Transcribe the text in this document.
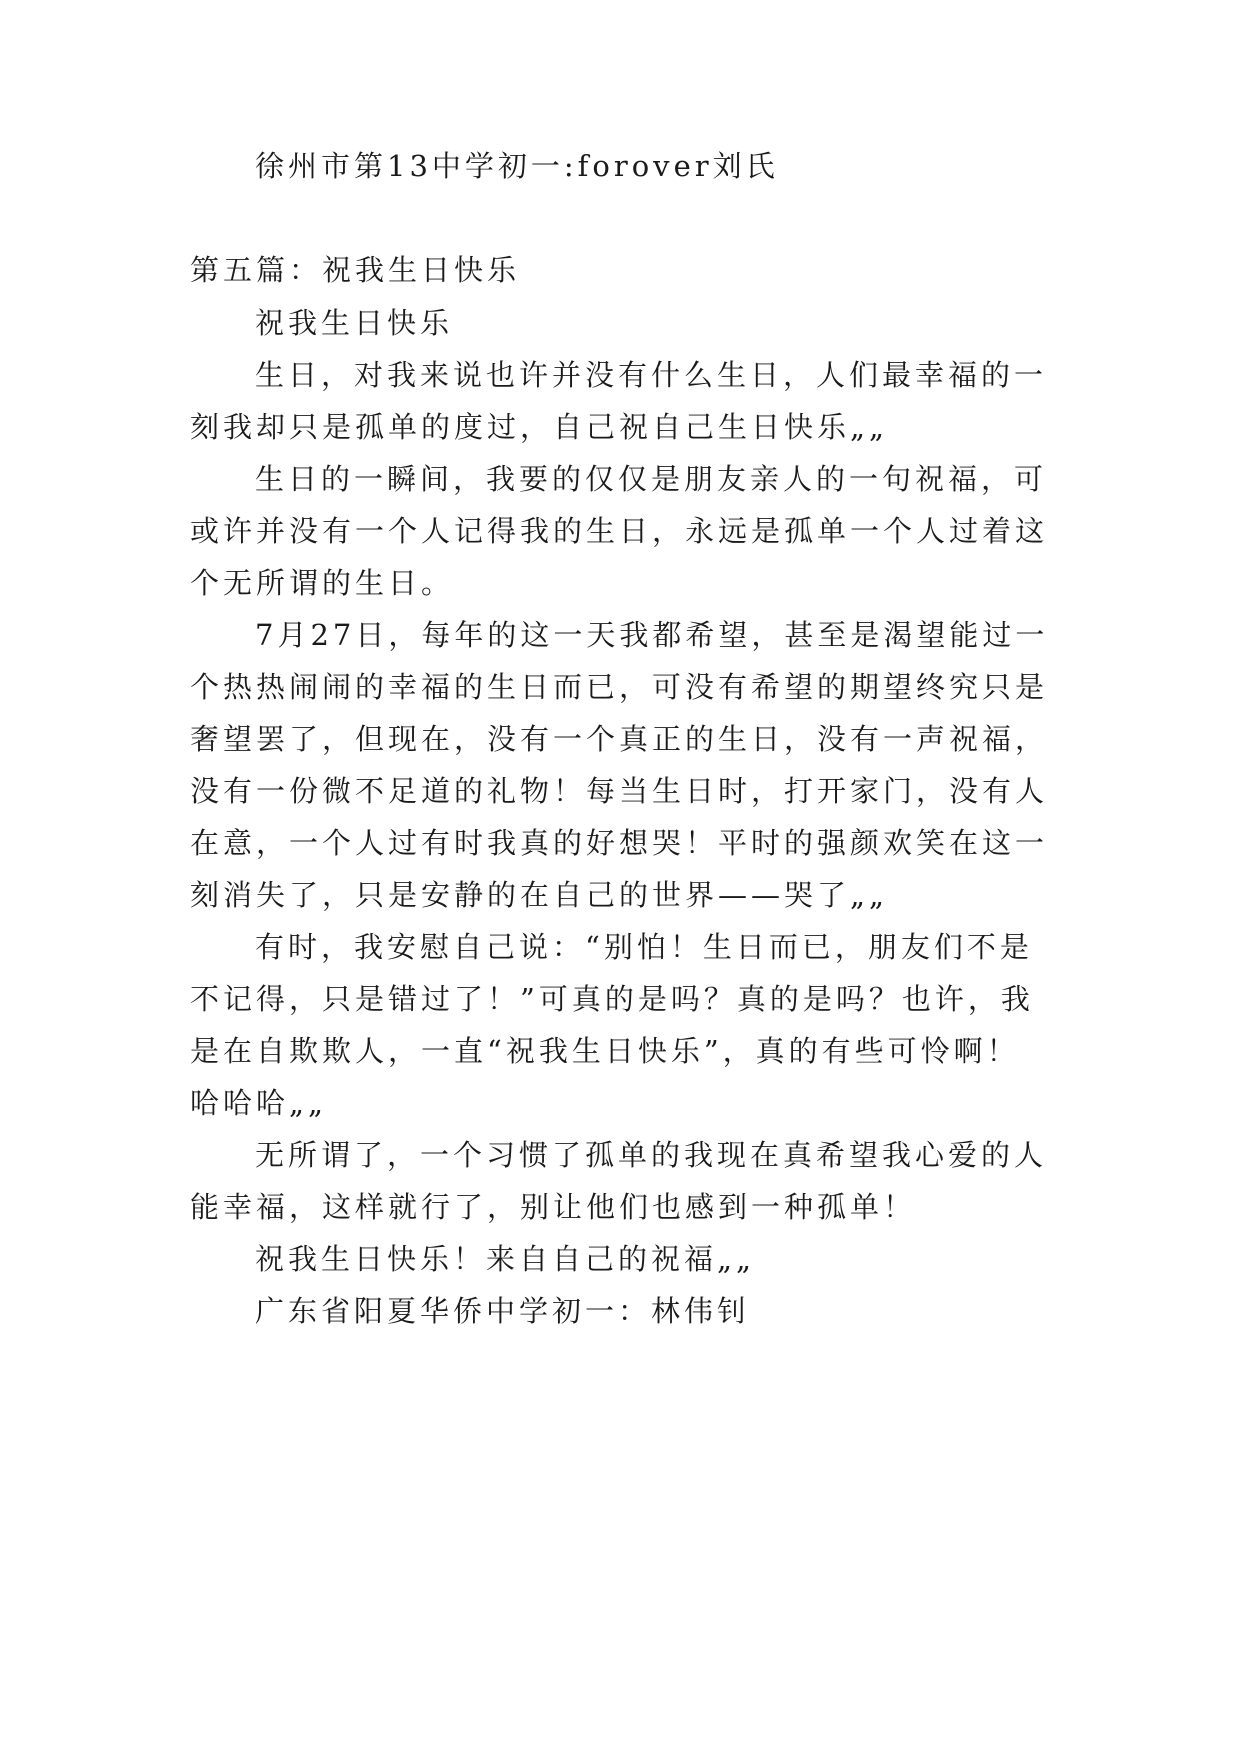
徐州市第13中学初一:forover刘氏
第五篇：祝我生日快乐
祝我生日快乐
生日，对我来说也许并没有什么生日，人们最幸福的一
刻我却只是孤单的度过，自己祝自己生日快乐„„
生日的一瞬间，我要的仅仅是朋友亲人的一句祝福，可
或许并没有一个人记得我的生日，永远是孤单一个人过着这
个无所谓的生日。
7月27日，每年的这一天我都希望，甚至是渴望能过一
个热热闹闹的幸福的生日而已，可没有希望的期望终究只是
奢望罢了，但现在，没有一个真正的生日，没有一声祝福，
没有一份微不足道的礼物！每当生日时，打开家门，没有人
在意，一个人过有时我真的好想哭！平时的强颜欢笑在这一
刻消失了，只是安静的在自己的世界——哭了„„
有时，我安慰自己说：“别怕！生日而已，朋友们不是
不记得，只是错过了！”可真的是吗？真的是吗？也许，我
是在自欺欺人，一直“祝我生日快乐”，真的有些可怜啊！
哈哈哈„„
无所谓了，一个习惯了孤单的我现在真希望我心爱的人
能幸福，这样就行了，别让他们也感到一种孤单！
祝我生日快乐！来自自己的祝福„„
广东省阳夏华侨中学初一：林伟钊
